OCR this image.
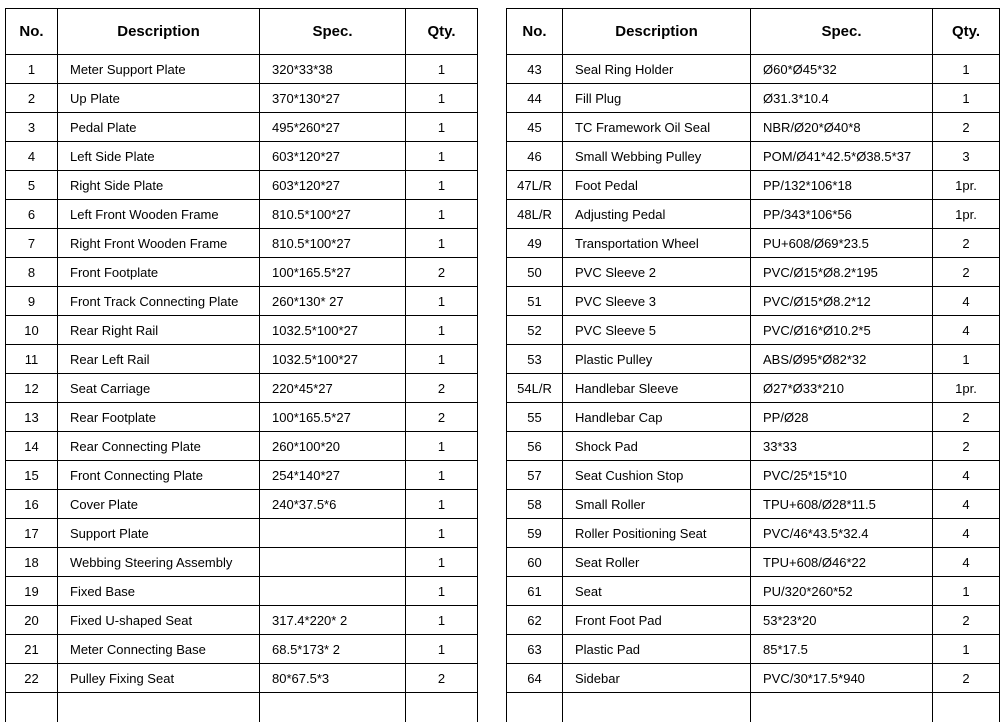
No.	Description	Spec.	Qty.
1	Meter Support Plate	320*33*38	1
2	Up Plate	370*130*27	1
3	Pedal Plate	495*260*27	1
4	Left Side Plate	603*120*27	1
5	Right Side Plate	603*120*27	1
6	Left Front Wooden Frame	810.5*100*27	1
7	Right Front Wooden Frame	810.5*100*27	1
8	Front Footplate	100*165.5*27	2
9	Front Track Connecting Plate	260*130* 27	1
10	Rear Right Rail	1032.5*100*27	1
11	Rear Left Rail	1032.5*100*27	1
12	Seat Carriage	220*45*27	2
13	Rear Footplate	100*165.5*27	2
14	Rear Connecting Plate	260*100*20	1
15	Front Connecting Plate	254*140*27	1
16	Cover Plate	240*37.5*6	1
17	Support Plate		1
18	Webbing Steering Assembly		1
19	Fixed Base		1
20	Fixed U-shaped Seat	317.4*220* 2	1
21	Meter Connecting Base	68.5*173* 2	1
22	Pulley Fixing Seat	80*67.5*3	2

No.	Description	Spec.	Qty.
43	Seal Ring Holder	Ø60*Ø45*32	1
44	Fill Plug	Ø31.3*10.4	1
45	TC Framework Oil Seal	NBR/Ø20*Ø40*8	2
46	Small Webbing Pulley	POM/Ø41*42.5*Ø38.5*37	3
47L/R	Foot Pedal	PP/132*106*18	1pr.
48L/R	Adjusting Pedal	PP/343*106*56	1pr.
49	Transportation Wheel	PU+608/Ø69*23.5	2
50	PVC Sleeve 2	PVC/Ø15*Ø8.2*195	2
51	PVC Sleeve 3	PVC/Ø15*Ø8.2*12	4
52	PVC Sleeve 5	PVC/Ø16*Ø10.2*5	4
53	Plastic Pulley	ABS/Ø95*Ø82*32	1
54L/R	Handlebar Sleeve	Ø27*Ø33*210	1pr.
55	Handlebar Cap	PP/Ø28	2
56	Shock Pad	33*33	2
57	Seat Cushion Stop	PVC/25*15*10	4
58	Small Roller	TPU+608/Ø28*11.5	4
59	Roller Positioning Seat	PVC/46*43.5*32.4	4
60	Seat Roller	TPU+608/Ø46*22	4
61	Seat	PU/320*260*52	1
62	Front Foot Pad	53*23*20	2
63	Plastic Pad	85*17.5	1
64	Sidebar	PVC/30*17.5*940	2
